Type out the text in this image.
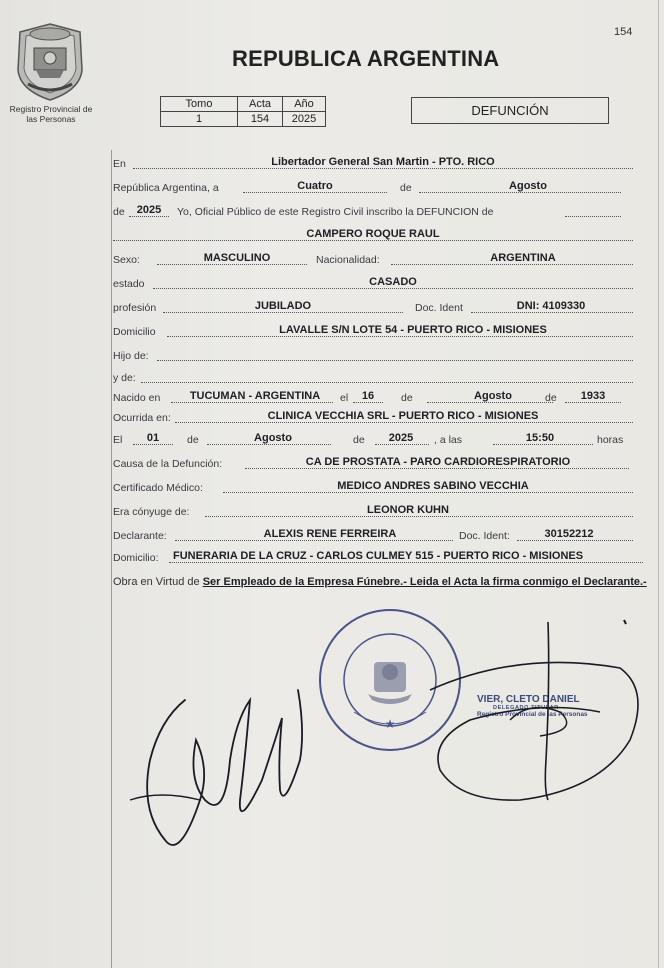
154
Registro Provincial de
las Personas
REPUBLICA ARGENTINA
Tomo	Acta	Año
1	154	2025
DEFUNCIÓN
En	Libertador General San Martin - PTO. RICO
República Argentina, a	Cuatro	de	Agosto
de	2025	Yo, Oficial Público de este Registro Civil inscribo la DEFUNCION de
CAMPERO ROQUE RAUL
Sexo:	MASCULINO	Nacionalidad:	ARGENTINA
estado	CASADO
profesión	JUBILADO	Doc. Ident	DNI: 4109330
Domicilio	LAVALLE S/N LOTE 54 - PUERTO RICO - MISIONES
Hijo de:
y de:
Nacido en	TUCUMAN - ARGENTINA	el	16	de	Agosto	de	1933
Ocurrida en:	CLINICA VECCHIA SRL - PUERTO RICO - MISIONES
El	01	de	Agosto	de	2025	, a las	15:50	horas
Causa de la Defunción:	CA DE PROSTATA - PARO CARDIORESPIRATORIO
Certificado Médico:	MEDICO ANDRES SABINO VECCHIA
Era cónyuge de:	LEONOR KUHN
Declarante:	ALEXIS RENE FERREIRA	Doc. Ident:	30152212
Domicilio: FUNERARIA DE LA CRUZ - CARLOS CULMEY 515 - PUERTO RICO - MISIONES
Obra en Virtud de Ser Empleado de la Empresa Fúnebre.- Leida el Acta la firma conmigo el Declarante.-
★
VIER, CLETO DANIEL
DELEGADO TITULAR
Registro Provincial de las Personas
